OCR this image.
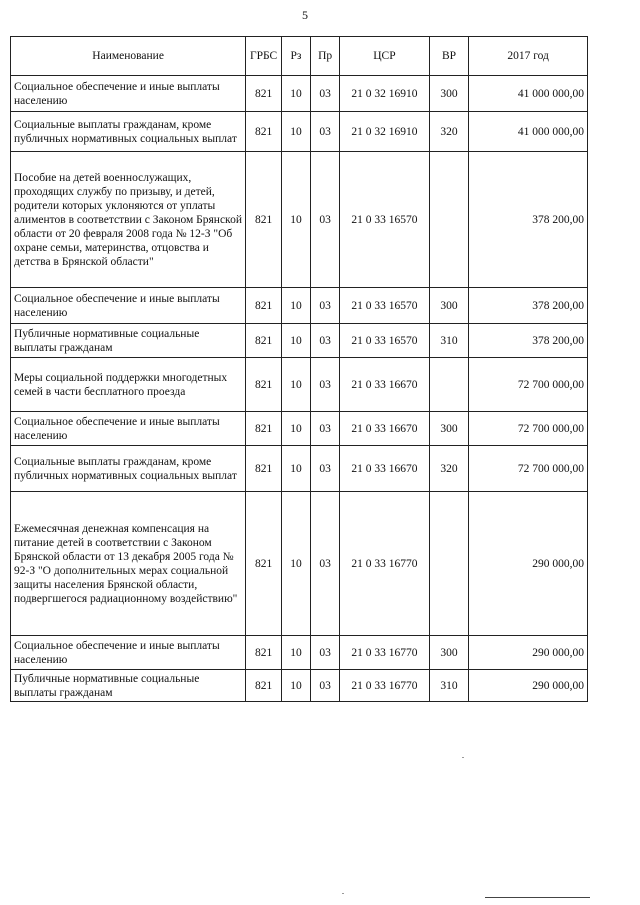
5
Наименование	ГРБС	Рз	Пр	ЦСР	ВР	2017 год
Социальное обеспечение и иные выплаты населению	821	10	03	21 0 32 16910	300	41 000 000,00
Социальные выплаты гражданам, кроме публичных нормативных социальных выплат	821	10	03	21 0 32 16910	320	41 000 000,00
Пособие на детей военнослужащих, проходящих службу по призыву, и детей, родители которых уклоняются от уплаты алиментов в соответствии с Законом Брянской области от 20 февраля 2008 года № 12-З "Об охране семьи, материнства, отцовства и детства в Брянской области"	821	10	03	21 0 33 16570		378 200,00
Социальное обеспечение и иные выплаты населению	821	10	03	21 0 33 16570	300	378 200,00
Публичные нормативные социальные выплаты гражданам	821	10	03	21 0 33 16570	310	378 200,00
Меры социальной поддержки многодетных семей в части бесплатного проезда	821	10	03	21 0 33 16670		72 700 000,00
Социальное обеспечение и иные выплаты населению	821	10	03	21 0 33 16670	300	72 700 000,00
Социальные выплаты гражданам, кроме публичных нормативных социальных выплат	821	10	03	21 0 33 16670	320	72 700 000,00
Ежемесячная денежная компенсация на питание детей в соответствии с Законом Брянской области от 13 декабря 2005 года № 92-З "О дополнительных мерах социальной защиты населения Брянской области, подвергшегося радиационному воздействию"	821	10	03	21 0 33 16770		290 000,00
Социальное обеспечение и иные выплаты населению	821	10	03	21 0 33 16770	300	290 000,00
Публичные нормативные социальные выплаты гражданам	821	10	03	21 0 33 16770	310	290 000,00
